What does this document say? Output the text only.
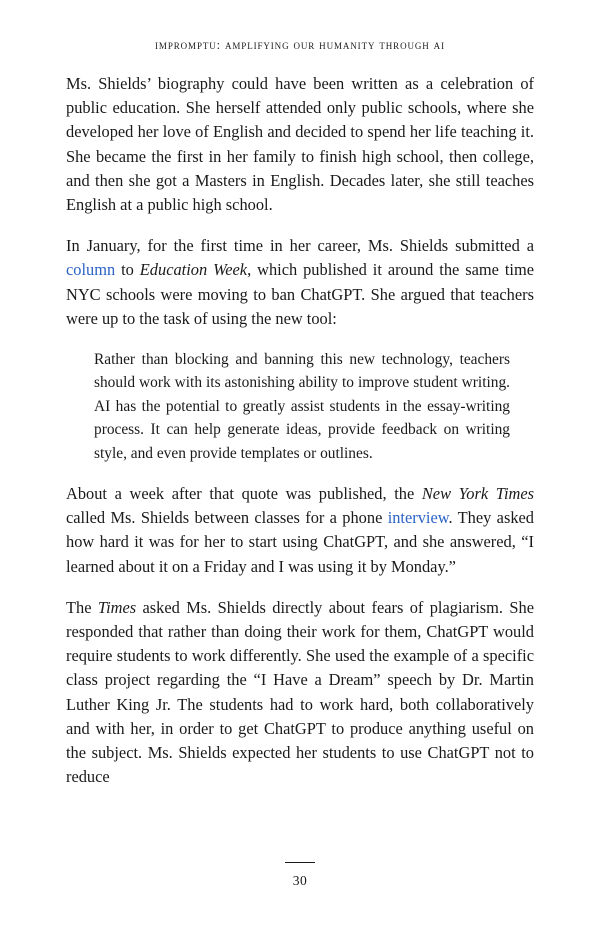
impromptu: amplifying our humanity through ai

Ms. Shields’ biography could have been written as a celebration of public education. She herself attended only public schools, where she developed her love of English and decided to spend her life teaching it. She became the first in her family to finish high school, then college, and then she got a Masters in English. Decades later, she still teaches English at a public high school.

In January, for the first time in her career, Ms. Shields submitted a column to Education Week, which published it around the same time NYC schools were moving to ban ChatGPT. She argued that teachers were up to the task of using the new tool:

Rather than blocking and banning this new technology, teachers should work with its astonishing ability to improve student writing. AI has the potential to greatly assist students in the essay-writing process. It can help generate ideas, provide feedback on writing style, and even provide templates or outlines.

About a week after that quote was published, the New York Times called Ms. Shields between classes for a phone interview. They asked how hard it was for her to start using ChatGPT, and she answered, “I learned about it on a Friday and I was using it by Monday.”

The Times asked Ms. Shields directly about fears of plagiarism. She responded that rather than doing their work for them, ChatGPT would require students to work differently. She used the example of a specific class project regarding the “I Have a Dream” speech by Dr. Martin Luther King Jr. The students had to work hard, both collaboratively and with her, in order to get ChatGPT to produce anything useful on the subject. Ms. Shields expected her students to use ChatGPT not to reduce

30
